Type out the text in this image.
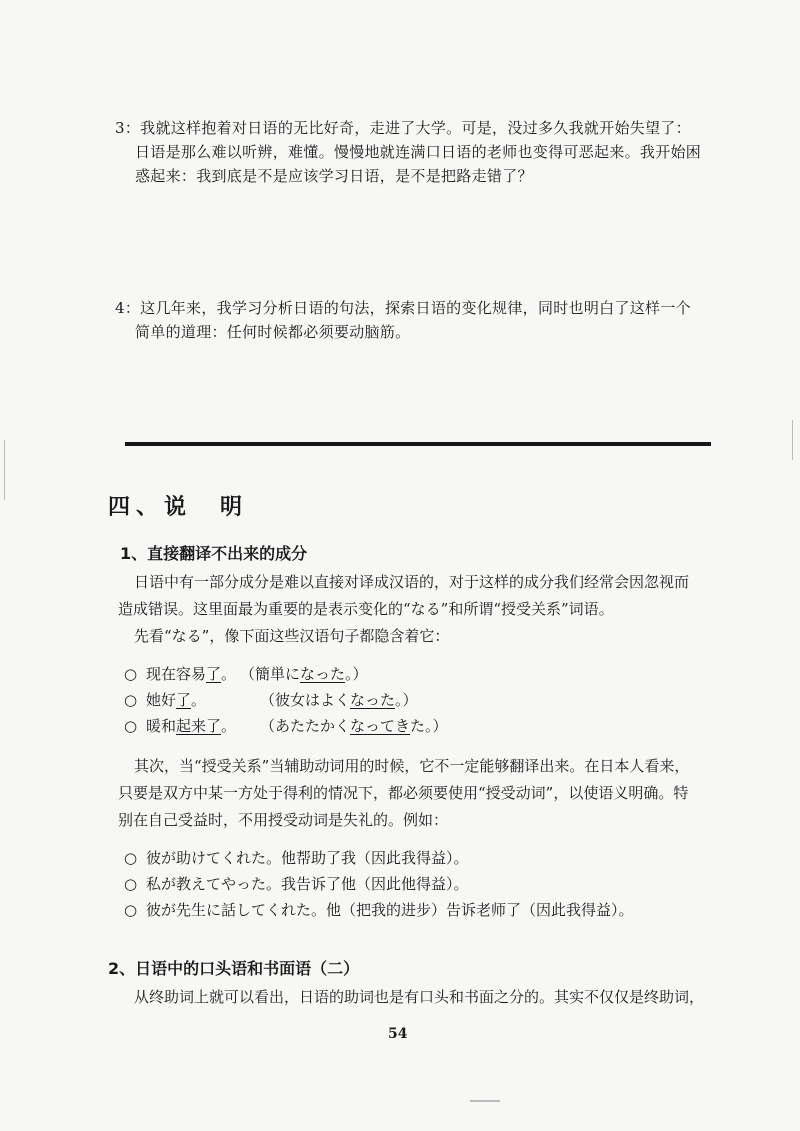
3：我就这样抱着对日语的无比好奇，走进了大学。可是，没过多久我就开始失望了：
日语是那么难以听辨，难懂。慢慢地就连满口日语的老师也变得可恶起来。我开始困
惑起来：我到底是不是应该学习日语，是不是把路走错了？
4：这几年来，我学习分析日语的句法，探索日语的变化规律，同时也明白了这样一个
简单的道理：任何时候都必须要动脑筋。
四、说　明
1、直接翻译不出来的成分
日语中有一部分成分是难以直接对译成汉语的，对于这样的成分我们经常会因忽视而
造成错误。这里面最为重要的是表示变化的“なる”和所谓“授受关系”词语。
先看“なる”，像下面这些汉语句子都隐含着它：
○ 现在容易了。 （簡単になった。）
○ 她好了。	（彼女はよくなった。）
○ 暖和起来了。 （あたたかくなってきた。）
其次，当“授受关系”当辅助动词用的时候，它不一定能够翻译出来。在日本人看来，
只要是双方中某一方处于得利的情况下，都必须要使用“授受动词”，以使语义明确。特
别在自己受益时，不用授受动词是失礼的。例如：
○ 彼が助けてくれた。他帮助了我（因此我得益）。
○ 私が教えてやった。我告诉了他（因此他得益）。
○ 彼が先生に話してくれた。他（把我的进步）告诉老师了（因此我得益）。
2、日语中的口头语和书面语（二）
从终助词上就可以看出，日语的助词也是有口头和书面之分的。其实不仅仅是终助词，
54
